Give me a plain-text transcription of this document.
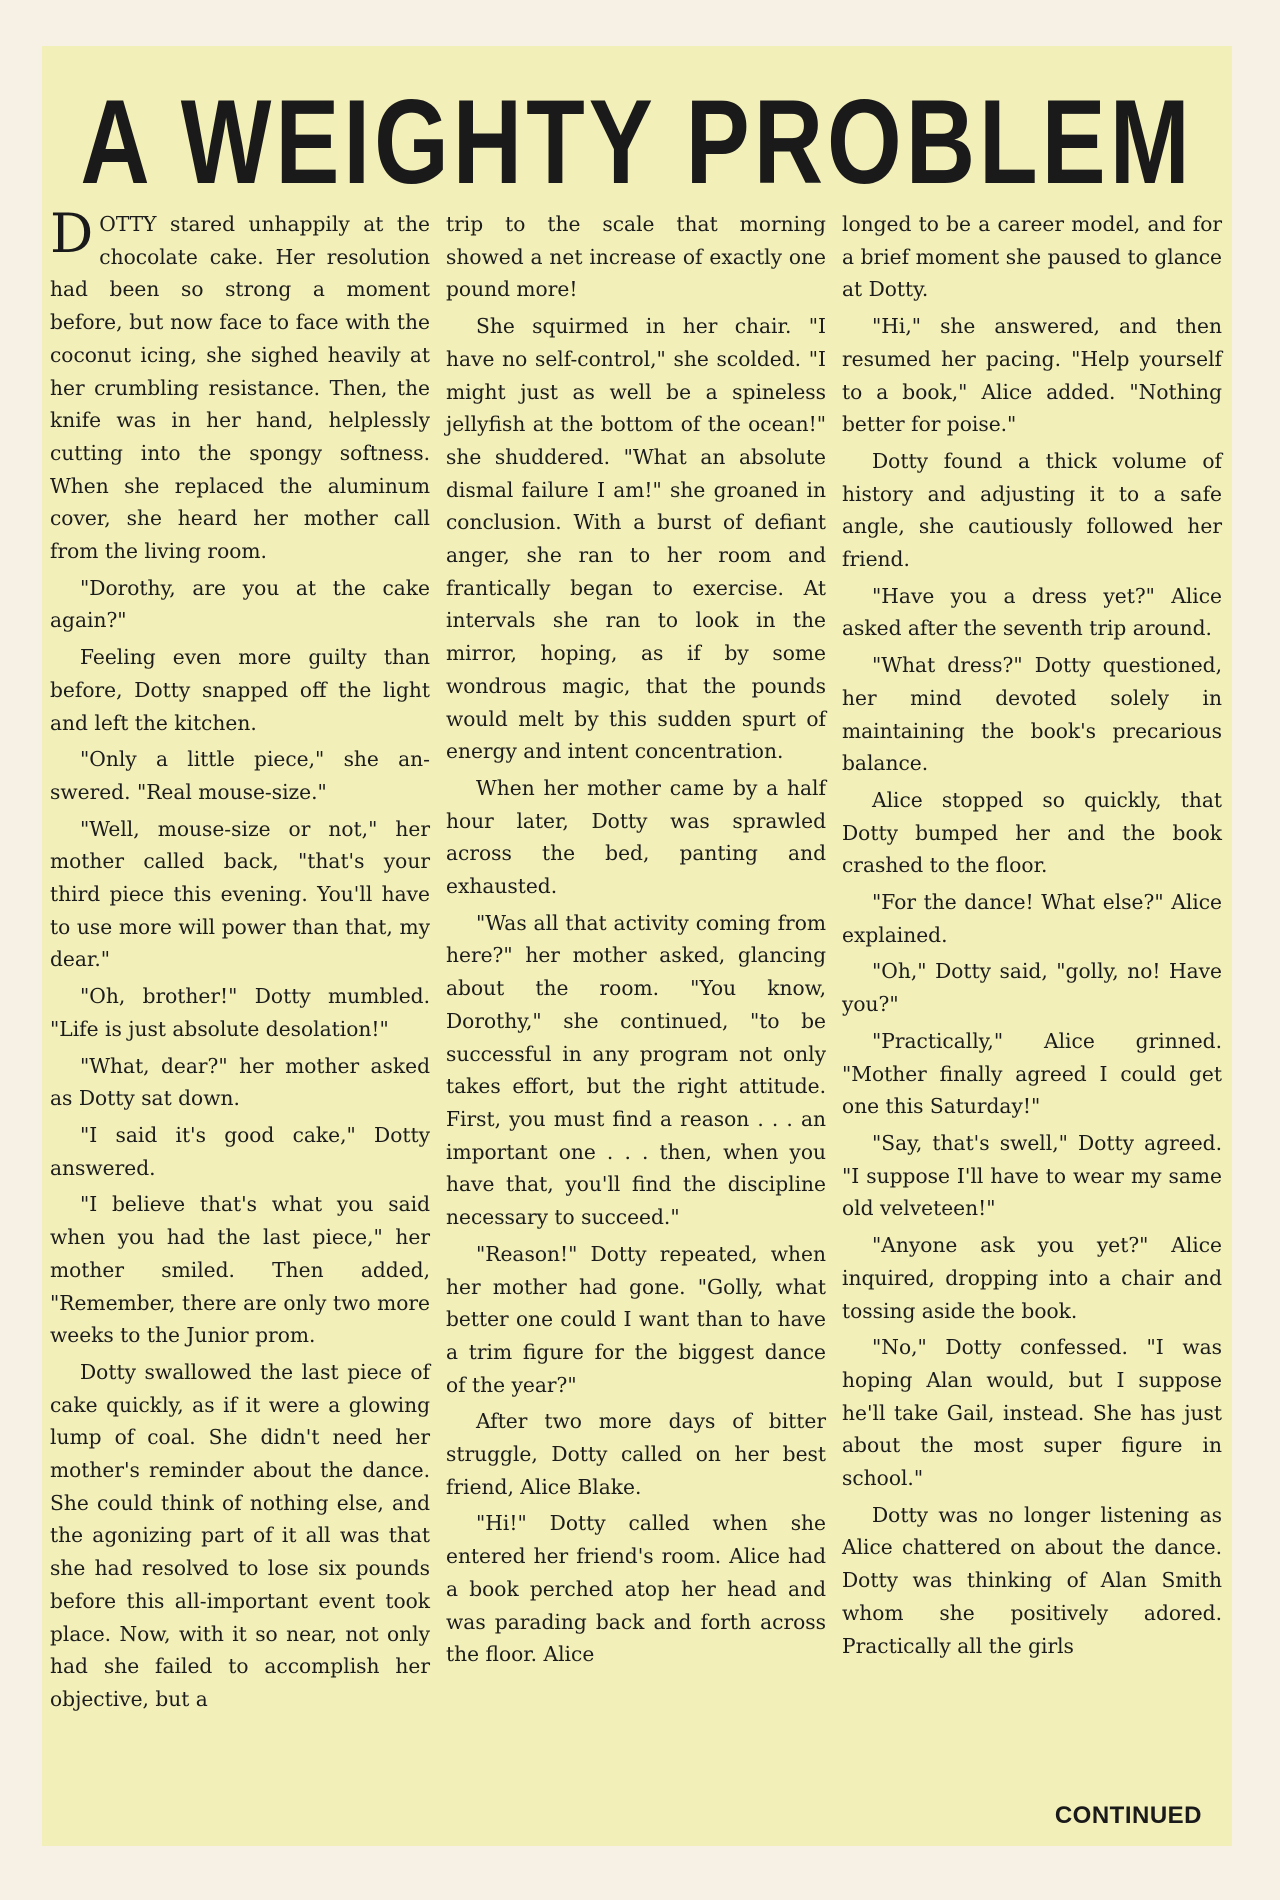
A WEIGHTY PROBLEM

DOTTY stared unhappily at the chocolate cake. Her resolution had been so strong a moment before, but now face to face with the coconut icing, she sighed heavily at her crumbling resistance. Then, the knife was in her hand, helplessly cutting into the spongy softness. When she replaced the aluminum cover, she heard her mother call from the living room.

"Dorothy, are you at the cake again?"

Feeling even more guilty than before, Dotty snapped off the light and left the kitchen.

"Only a little piece," she answered. "Real mouse-size."

"Well, mouse-size or not," her mother called back, "that's your third piece this evening. You'll have to use more will power than that, my dear."

"Oh, brother!" Dotty mumbled. "Life is just absolute desolation!"

"What, dear?" her mother asked as Dotty sat down.

"I said it's good cake," Dotty answered.

"I believe that's what you said when you had the last piece," her mother smiled. Then added, "Remember, there are only two more weeks to the Junior prom.

Dotty swallowed the last piece of cake quickly, as if it were a glowing lump of coal. She didn't need her mother's reminder about the dance. She could think of nothing else, and the agonizing part of it all was that she had resolved to lose six pounds before this all-important event took place. Now, with it so near, not only had she failed to accomplish her objective, but a

trip to the scale that morning showed a net increase of exactly one pound more!

She squirmed in her chair. "I have no self-control," she scolded. "I might just as well be a spineless jellyfish at the bottom of the ocean!" she shuddered. "What an absolute dismal failure I am!" she groaned in conclusion. With a burst of defiant anger, she ran to her room and frantically began to exercise. At intervals she ran to look in the mirror, hoping, as if by some wondrous magic, that the pounds would melt by this sudden spurt of energy and intent concentration.

When her mother came by a half hour later, Dotty was sprawled across the bed, panting and exhausted.

"Was all that activity coming from here?" her mother asked, glancing about the room. "You know, Dorothy," she continued, "to be successful in any program not only takes effort, but the right attitude. First, you must find a reason . . . an important one . . . then, when you have that, you'll find the discipline necessary to succeed."

"Reason!" Dotty repeated, when her mother had gone. "Golly, what better one could I want than to have a trim figure for the biggest dance of the year?"

After two more days of bitter struggle, Dotty called on her best friend, Alice Blake.

"Hi!" Dotty called when she entered her friend's room. Alice had a book perched atop her head and was parading back and forth across the floor. Alice

longed to be a career model, and for a brief moment she paused to glance at Dotty.

"Hi," she answered, and then resumed her pacing. "Help yourself to a book," Alice added. "Nothing better for poise."

Dotty found a thick volume of history and adjusting it to a safe angle, she cautiously followed her friend.

"Have you a dress yet?" Alice asked after the seventh trip around.

"What dress?" Dotty questioned, her mind devoted solely in maintaining the book's precarious balance.

Alice stopped so quickly, that Dotty bumped her and the book crashed to the floor.

"For the dance! What else?" Alice explained.

"Oh," Dotty said, "golly, no! Have you?"

"Practically," Alice grinned. "Mother finally agreed I could get one this Saturday!"

"Say, that's swell," Dotty agreed. "I suppose I'll have to wear my same old velveteen!"

"Anyone ask you yet?" Alice inquired, dropping into a chair and tossing aside the book.

"No," Dotty confessed. "I was hoping Alan would, but I suppose he'll take Gail, instead. She has just about the most super figure in school."

Dotty was no longer listening as Alice chattered on about the dance. Dotty was thinking of Alan Smith whom she positively adored. Practically all the girls

CONTINUED
